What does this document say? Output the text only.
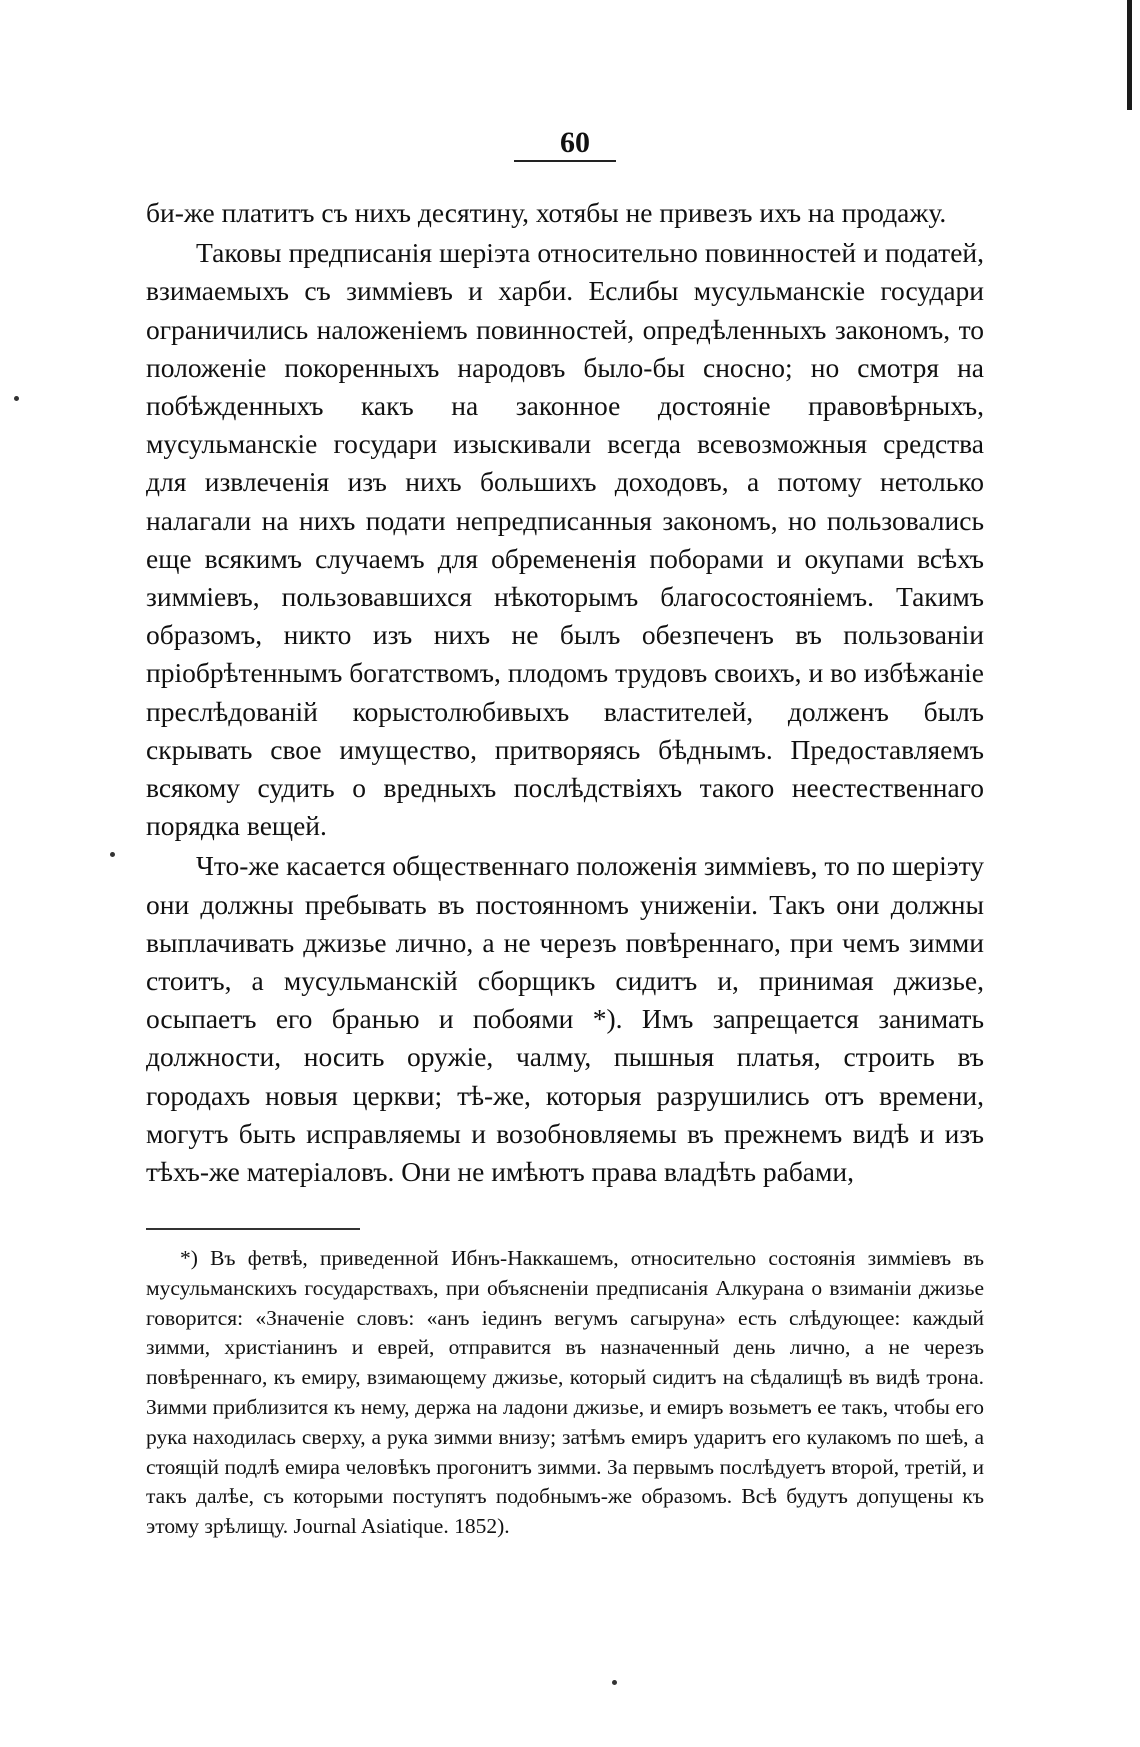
60

би-же платитъ съ нихъ десятину, хотябы не привезъ ихъ на продажу.

Таковы предписанія шеріэта относительно повинностей и податей, взимаемыхъ съ зиммiевъ и харби. Еслибы мусульманскіе государи ограничились наложеніемъ повинностей, опредѣленныхъ закономъ, то положеніе покоренныхъ народовъ было-бы сносно; но смотря на побѣжденныхъ какъ на законное достояніе правовѣрныхъ, мусульманскіе государи изыскивали всегда всевозможныя средства для извлеченія изъ нихъ большихъ доходовъ, а потому нетолько налагали на нихъ подати непредписанныя закономъ, но пользовались еще всякимъ случаемъ для обремененія поборами и окупами всѣхъ зиммiевъ, пользовавшихся нѣкоторымъ благосостояніемъ. Такимъ образомъ, никто изъ нихъ не былъ обезпеченъ въ пользованіи пріобрѣтеннымъ богатствомъ, плодомъ трудовъ своихъ, и во избѣжаніе преслѣдованій корыстолюбивыхъ властителей, долженъ былъ скрывать свое имущество, притворяясь бѣднымъ. Предоставляемъ всякому судить о вредныхъ послѣдствіяхъ такого неестественнаго порядка вещей.

Что-же касается общественнаго положенія зиммiевъ, то по шеріэту они должны пребывать въ постоянномъ униженіи. Такъ они должны выплачивать джизье лично, а не черезъ повѣреннаго, при чемъ зимми стоитъ, а мусульманскій сборщикъ сидитъ и, принимая джизье, осыпаетъ его бранью и побоями *). Имъ запрещается занимать должности, носить оружіе, чалму, пышныя платья, строить въ городахъ новыя церкви; тѣ-же, которыя разрушились отъ времени, могутъ быть исправляемы и возобновляемы въ прежнемъ видѣ и изъ тѣхъ-же матеріаловъ. Они не имѣютъ права владѣть рабами,

*) Въ фетвѣ, приведенной Ибнъ-Наккашемъ, относительно состоянія зиммiевъ въ мусульманскихъ государствахъ, при объясненіи предписанія Алкурана о взиманіи джизье говорится: «Значеніе словъ: «анъ іединъ вегумъ сагыруна» есть слѣдующее: каждый зимми, христіанинъ и еврей, отправится въ назначенный день лично, а не черезъ повѣреннаго, къ емиру, взимающему джизье, который сидитъ на сѣдалищѣ въ видѣ трона. Зимми приблизится къ нему, держа на ладони джизье, и емиръ возьметъ ее такъ, чтобы его рука находилась сверху, а рука зимми внизу; затѣмъ емиръ ударитъ его кулакомъ по шеѣ, а стоящій подлѣ емира человѣкъ прогонитъ зимми. За первымъ послѣдуетъ второй, третій, и такъ далѣе, съ которыми поступятъ подобнымъ-же образомъ. Всѣ будутъ допущены къ этому зрѣлищу. Journal Asiatique. 1852).
